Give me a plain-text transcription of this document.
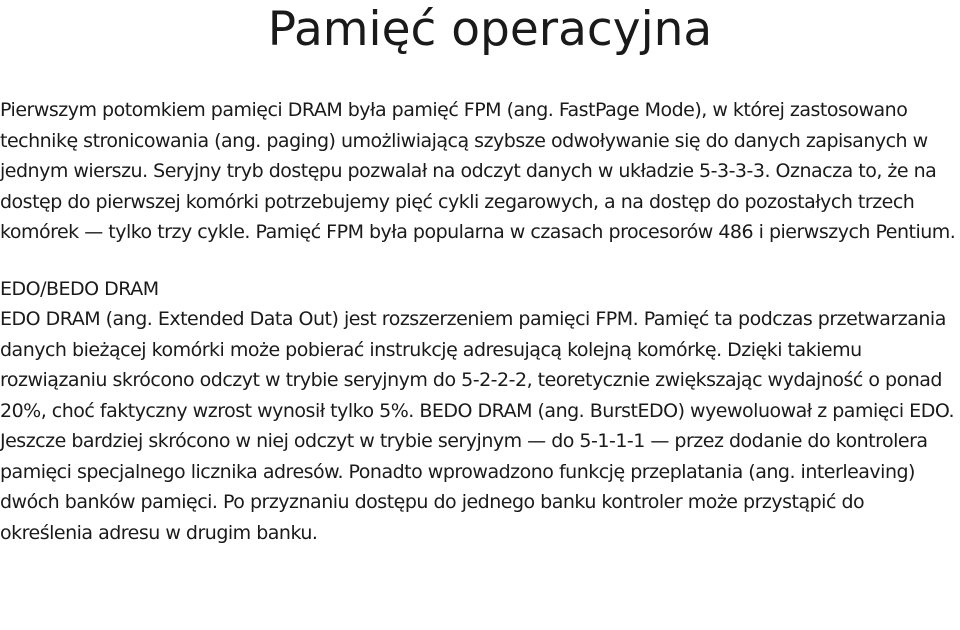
Pamięć operacyjna

Pierwszym potomkiem pamięci DRAM była pamięć FPM (ang. FastPage Mode), w której zastosowano technikę stronicowania (ang. paging) umożliwiającą szybsze odwoływanie się do danych zapisanych w jednym wierszu. Seryjny tryb dostępu pozwalał na odczyt danych w układzie 5-3-3-3. Oznacza to, że na dostęp do pierwszej komórki potrzebujemy pięć cykli zegarowych, a na dostęp do pozostałych trzech komórek — tylko trzy cykle. Pamięć FPM była popularna w czasach procesorów 486 i pierwszych Pentium.

EDO/BEDO DRAM

EDO DRAM (ang. Extended Data Out) jest rozszerzeniem pamięci FPM. Pamięć ta podczas przetwarzania danych bieżącej komórki może pobierać instrukcję adresującą kolejną komórkę. Dzięki takiemu rozwiązaniu skrócono odczyt w trybie seryjnym do 5-2-2-2, teoretycznie zwiększając wydajność o ponad 20%, choć faktyczny wzrost wynosił tylko 5%. BEDO DRAM (ang. BurstEDO) wyewoluował z pamięci EDO. Jeszcze bardziej skrócono w niej odczyt w trybie seryjnym — do 5-1-1-1 — przez dodanie do kontrolera pamięci specjalnego licznika adresów. Ponadto wprowadzono funkcję przeplatania (ang. interleaving) dwóch banków pamięci. Po przyznaniu dostępu do jednego banku kontroler może przystąpić do określenia adresu w drugim banku.
